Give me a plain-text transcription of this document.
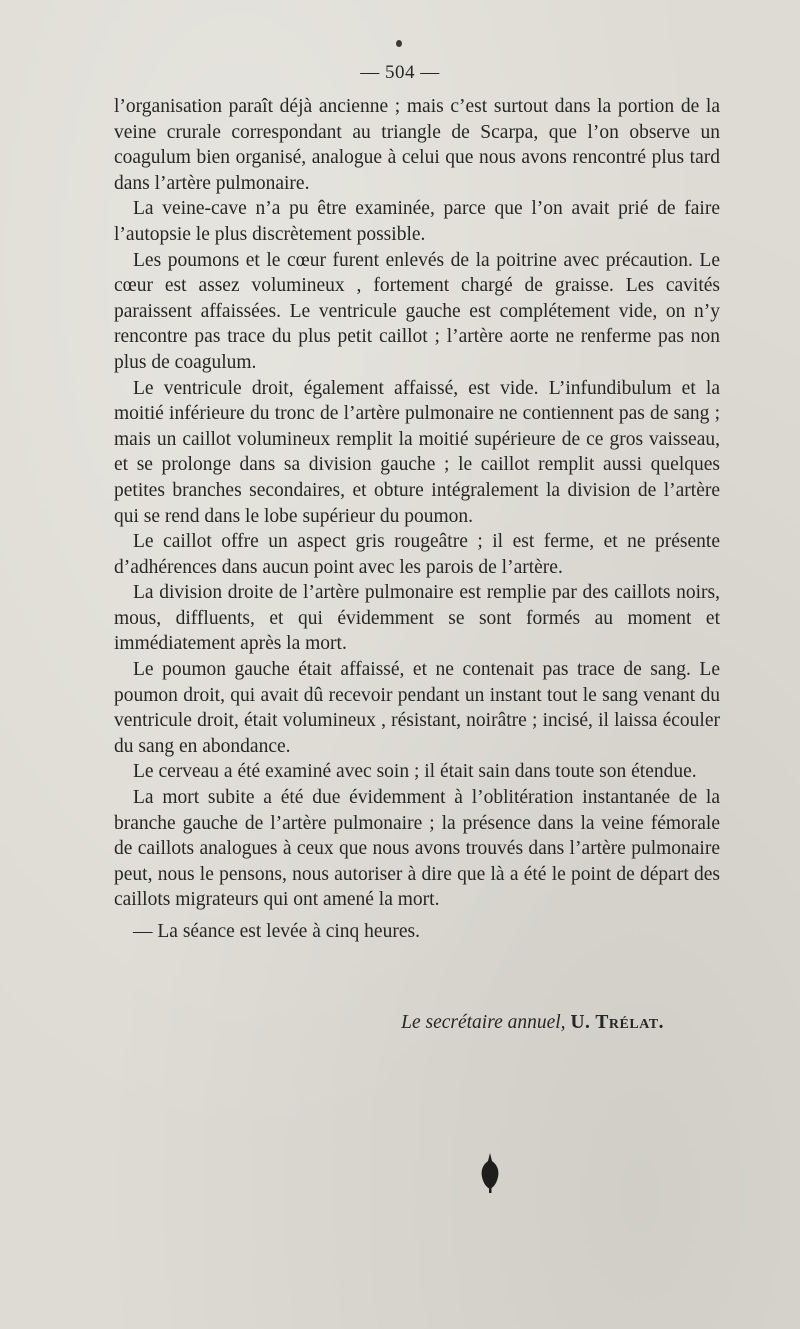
— 504 —

l’organisation paraît déjà ancienne ; mais c’est surtout dans la portion de la veine crurale correspondant au triangle de Scarpa, que l’on observe un coagulum bien organisé, analogue à celui que nous avons rencontré plus tard dans l’artère pulmonaire.

La veine-cave n’a pu être examinée, parce que l’on avait prié de faire l’autopsie le plus discrètement possible.

Les poumons et le cœur furent enlevés de la poitrine avec précaution. Le cœur est assez volumineux , fortement chargé de graisse. Les cavités paraissent affaissées. Le ventricule gauche est complétement vide, on n’y rencontre pas trace du plus petit caillot ; l’artère aorte ne renferme pas non plus de coagulum.

Le ventricule droit, également affaissé, est vide. L’infundibulum et la moitié inférieure du tronc de l’artère pulmonaire ne contiennent pas de sang ; mais un caillot volumineux remplit la moitié supérieure de ce gros vaisseau, et se prolonge dans sa division gauche ; le caillot remplit aussi quelques petites branches secondaires, et obture intégralement la division de l’artère qui se rend dans le lobe supérieur du poumon.

Le caillot offre un aspect gris rougeâtre ; il est ferme, et ne présente d’adhérences dans aucun point avec les parois de l’artère.

La division droite de l’artère pulmonaire est remplie par des caillots noirs, mous, diffluents, et qui évidemment se sont formés au moment et immédiatement après la mort.

Le poumon gauche était affaissé, et ne contenait pas trace de sang. Le poumon droit, qui avait dû recevoir pendant un instant tout le sang venant du ventricule droit, était volumineux , résistant, noirâtre ; incisé, il laissa écouler du sang en abondance.

Le cerveau a été examiné avec soin ; il était sain dans toute son étendue.

La mort subite a été due évidemment à l’oblitération instantanée de la branche gauche de l’artère pulmonaire ; la présence dans la veine fémorale de caillots analogues à ceux que nous avons trouvés dans l’artère pulmonaire peut, nous le pensons, nous autoriser à dire que là a été le point de départ des caillots migrateurs qui ont amené la mort.

— La séance est levée à cinq heures.

Le secrétaire annuel, U. Trélat.
